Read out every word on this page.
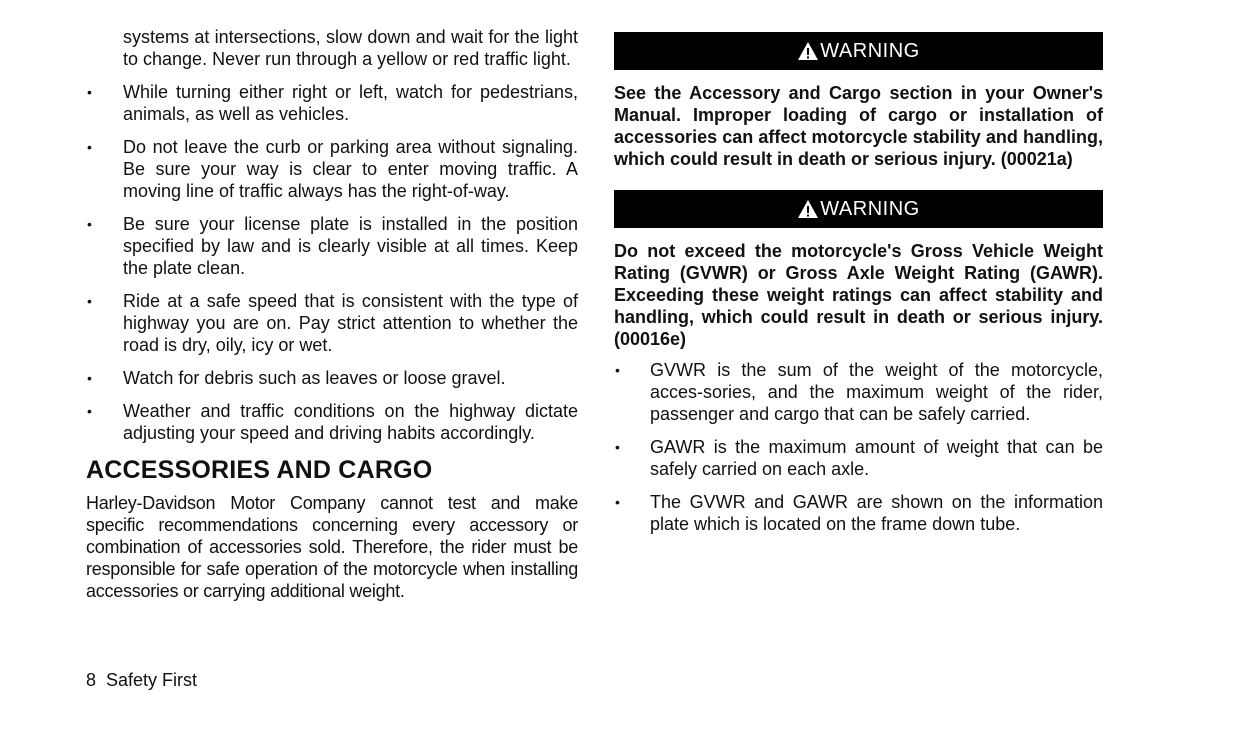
systems at intersections, slow down and wait for the light to change. Never run through a yellow or red traffic light.

• While turning either right or left, watch for pedestrians, animals, as well as vehicles.
• Do not leave the curb or parking area without signaling. Be sure your way is clear to enter moving traffic. A moving line of traffic always has the right-of-way.
• Be sure your license plate is installed in the position specified by law and is clearly visible at all times. Keep the plate clean.
• Ride at a safe speed that is consistent with the type of highway you are on. Pay strict attention to whether the road is dry, oily, icy or wet.
• Watch for debris such as leaves or loose gravel.
• Weather and traffic conditions on the highway dictate adjusting your speed and driving habits accordingly.
ACCESSORIES AND CARGO

Harley-Davidson Motor Company cannot test and make specific recommendations concerning every accessory or combination of accessories sold. Therefore, the rider must be responsible for safe operation of the motorcycle when installing accessories or carrying additional weight.

WARNING

See the Accessory and Cargo section in your Owner's Manual. Improper loading of cargo or installation of accessories can affect motorcycle stability and handling, which could result in death or serious injury. (00021a)

WARNING

Do not exceed the motorcycle's Gross Vehicle Weight Rating (GVWR) or Gross Axle Weight Rating (GAWR). Exceeding these weight ratings can affect stability and handling, which could result in death or serious injury. (00016e)

• GVWR is the sum of the weight of the motorcycle, acces-sories, and the maximum weight of the rider, passenger and cargo that can be safely carried.
• GAWR is the maximum amount of weight that can be safely carried on each axle.
• The GVWR and GAWR are shown on the information plate which is located on the frame down tube.
8 Safety First
